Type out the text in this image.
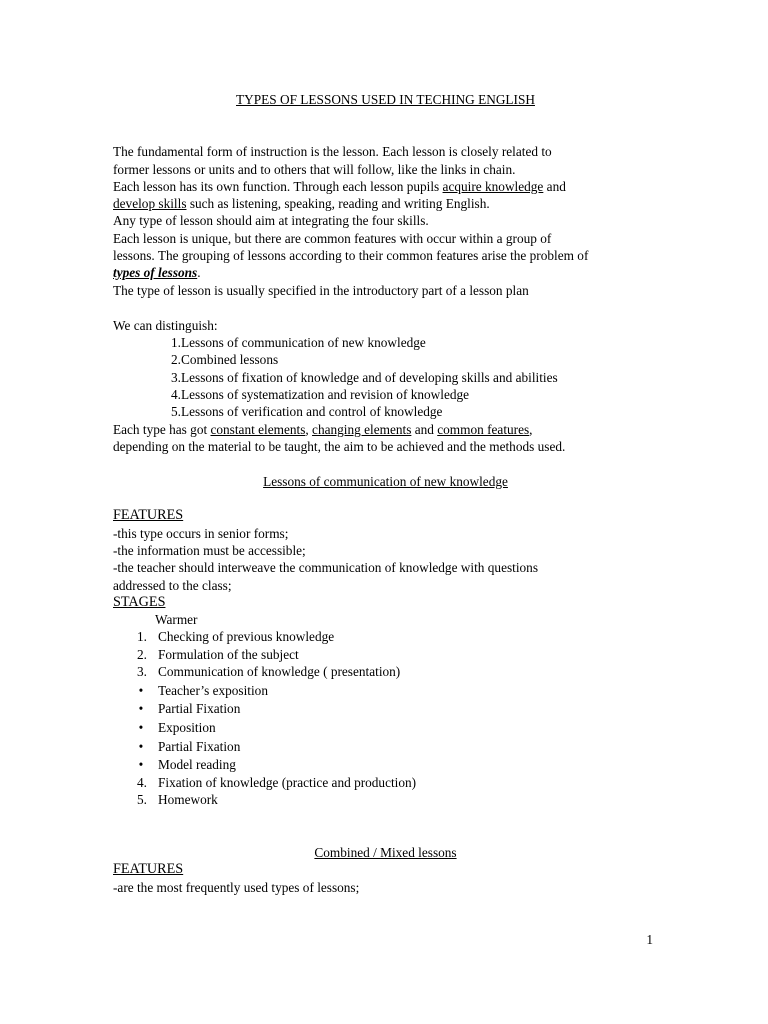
TYPES OF LESSONS USED IN TECHING ENGLISH
The fundamental form of instruction is the lesson. Each lesson is closely related to
former lessons or units and to others that will follow, like the links in chain.
Each lesson has its own function. Through each lesson pupils acquire knowledge and
develop skills such as listening, speaking, reading and writing English.
Any type of lesson should aim at integrating the four skills.
Each lesson is unique, but there are common features with occur within a group of
lessons. The grouping of lessons according to their common features arise the problem of
types of lessons.
The type of lesson is usually specified in the introductory part of a lesson plan
We can distinguish:
1. Lessons of communication of new knowledge
2. Combined lessons
3. Lessons of fixation of knowledge and of developing skills and abilities
4. Lessons of systematization and revision of knowledge
5. Lessons of verification and control of knowledge
Each type has got constant elements, changing elements and common features,
depending on the material to be taught, the aim to be achieved and the methods used.
Lessons of communication of new knowledge
FEATURES
-this type occurs in senior forms;
-the information must be accessible;
-the teacher should interweave the communication of knowledge with questions
addressed to the class;
STAGES
Warmer
1. Checking of previous knowledge
2. Formulation of the subject
3. Communication of knowledge ( presentation)
•	Teacher’s exposition
•	Partial Fixation
•	Exposition
•	Partial Fixation
•	Model reading
4. Fixation of knowledge (practice and production)
5. Homework
Combined / Mixed lessons
FEATURES
-are the most frequently used types of lessons;
1
